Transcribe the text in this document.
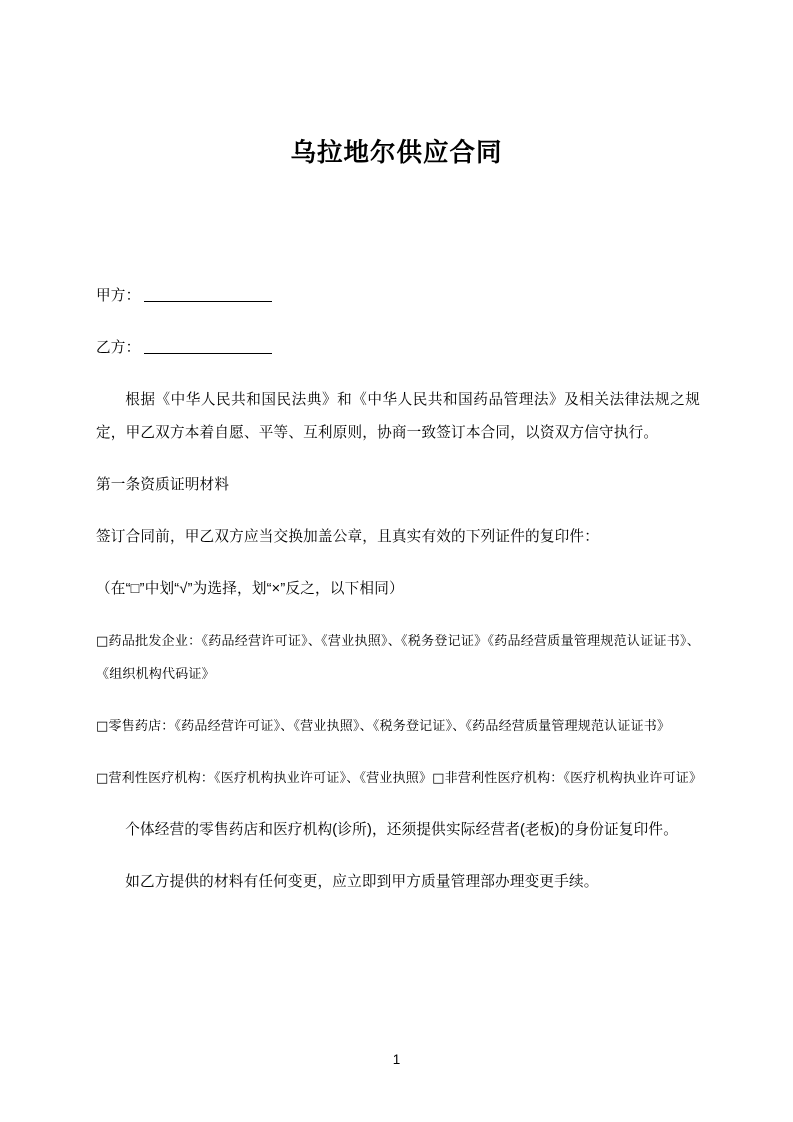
乌拉地尔供应合同

甲方：

乙方：

根据《中华人民共和国民法典》和《中华人民共和国药品管理法》及相关法律法规之规定，甲乙双方本着自愿、平等、互利原则，协商一致签订本合同，以资双方信守执行。

第一条资质证明材料

签订合同前，甲乙双方应当交换加盖公章，且真实有效的下列证件的复印件：

（在“□”中划“√”为选择，划“×”反之，以下相同）

□药品批发企业：《药品经营许可证》、《营业执照》、《税务登记证》《药品经营质量管理规范认证证书》、《组织机构代码证》

□零售药店：《药品经营许可证》、《营业执照》、《税务登记证》、《药品经营质量管理规范认证证书》

□营利性医疗机构：《医疗机构执业许可证》、《营业执照》□非营利性医疗机构：《医疗机构执业许可证》

个体经营的零售药店和医疗机构(诊所)，还须提供实际经营者(老板)的身份证复印件。

如乙方提供的材料有任何变更，应立即到甲方质量管理部办理变更手续。

1
